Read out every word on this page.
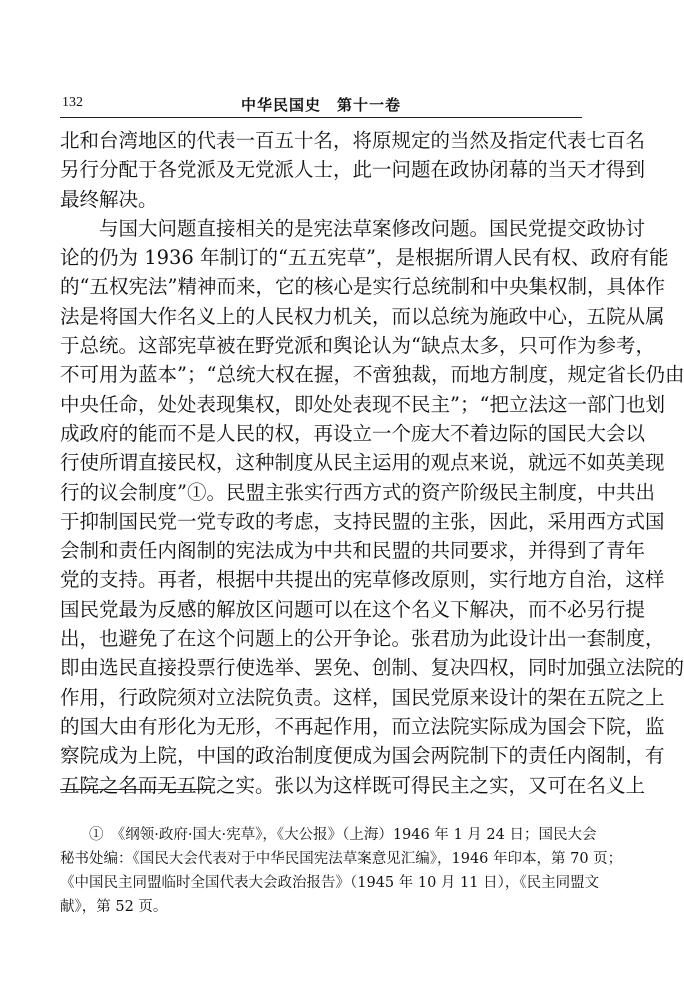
132	中华民国史　第十一卷
北和台湾地区的代表一百五十名，将原规定的当然及指定代表七百名
另行分配于各党派及无党派人士，此一问题在政协闭幕的当天才得到
最终解决。
　　与国大问题直接相关的是宪法草案修改问题。国民党提交政协讨
论的仍为 1936 年制订的“五五宪草”，是根据所谓人民有权、政府有能
的“五权宪法”精神而来，它的核心是实行总统制和中央集权制，具体作
法是将国大作名义上的人民权力机关，而以总统为施政中心，五院从属
于总统。这部宪草被在野党派和舆论认为“缺点太多，只可作为参考，
不可用为蓝本”；“总统大权在握，不啻独裁，而地方制度，规定省长仍由
中央任命，处处表现集权，即处处表现不民主”；“把立法这一部门也划
成政府的能而不是人民的权，再设立一个庞大不着边际的国民大会以
行使所谓直接民权，这种制度从民主运用的观点来说，就远不如英美现
行的议会制度”①。民盟主张实行西方式的资产阶级民主制度，中共出
于抑制国民党一党专政的考虑，支持民盟的主张，因此，采用西方式国
会制和责任内阁制的宪法成为中共和民盟的共同要求，并得到了青年
党的支持。再者，根据中共提出的宪草修改原则，实行地方自治，这样
国民党最为反感的解放区问题可以在这个名义下解决，而不必另行提
出，也避免了在这个问题上的公开争论。张君劢为此设计出一套制度，
即由选民直接投票行使选举、罢免、创制、复决四权，同时加强立法院的
作用，行政院须对立法院负责。这样，国民党原来设计的架在五院之上
的国大由有形化为无形，不再起作用，而立法院实际成为国会下院，监
察院成为上院，中国的政治制度便成为国会两院制下的责任内阁制，有
五院之名而无五院之实。张以为这样既可得民主之实，又可在名义上
　　①　《纲领·政府·国大·宪草》，《大公报》（上海）1946 年 1 月 24 日；国民大会
秘书处编：《国民大会代表对于中华民国宪法草案意见汇编》，1946 年印本，第 70 页；
《中国民主同盟临时全国代表大会政治报告》（1945 年 10 月 11 日），《民主同盟文
献》，第 52 页。
